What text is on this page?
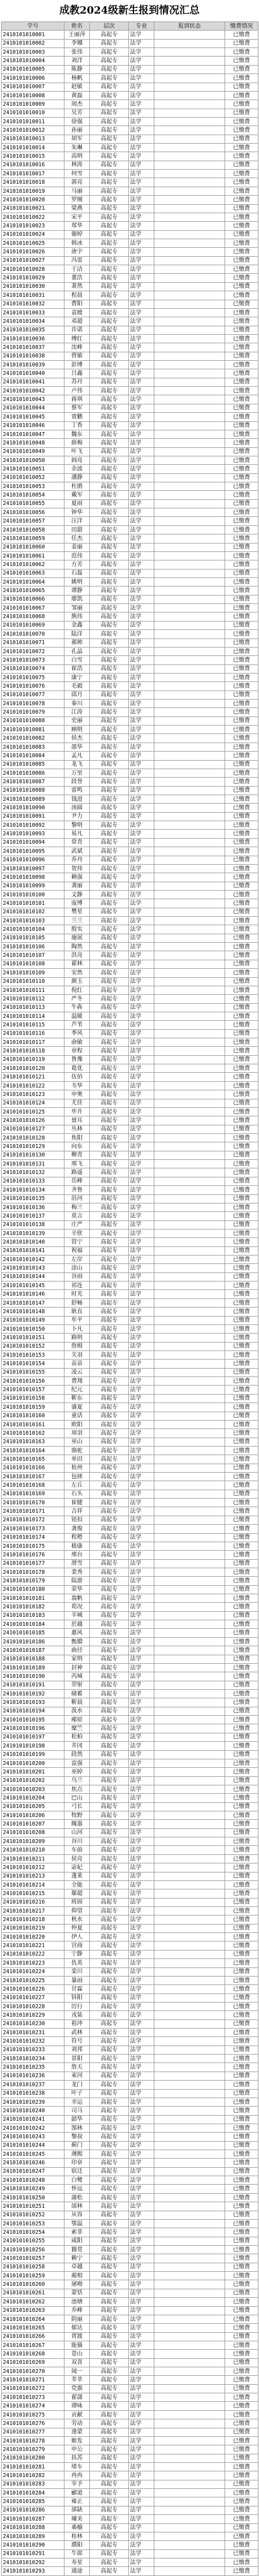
成教2024级新生报到情况汇总
学号	姓名	层次	专业	报到状态	缴费情况
2410101010001	王丽萍	高起专	法学		已缴费
2410101010002	李娜	高起专	法学		已缴费
2410101010003	张伟	高起专	法学		已缴费
2410101010004	刘洋	高起专	法学		已缴费
2410101010005	陈静	高起专	法学		已缴费
2410101010006	杨帆	高起专	法学		已缴费
2410101010007	赵敏	高起专	法学		已缴费
2410101010008	黄磊	高起专	法学		已缴费
2410101010009	周杰	高起专	法学		已缴费
2410101010010	吴芳	高起专	法学		已缴费
2410101010011	徐强	高起专	法学		已缴费
2410101010012	孙丽	高起专	法学		已缴费
2410101010013	胡军	高起专	法学		已缴费
2410101010014	朱琳	高起专	法学		已缴费
2410101010015	高明	高起专	法学		已缴费
2410101010016	林涛	高起专	法学		已缴费
2410101010017	何雪	高起专	法学		已缴费
2410101010018	郭亮	高起专	法学		已缴费
2410101010019	马丽	高起专	法学		已缴费
2410101010020	罗刚	高起专	法学		已缴费
2410101010021	梁燕	高起专	法学		已缴费
2410101010022	宋平	高起专	法学		已缴费
2410101010023	郑华	高起专	法学		已缴费
2410101010024	谢婷	高起专	法学		已缴费
2410101010025	韩冰	高起专	法学		已缴费
2410101010026	唐宇	高起专	法学		已缴费
2410101010027	冯雷	高起专	法学		已缴费
2410101010028	于洁	高起专	法学		已缴费
2410101010029	董浩	高起专	法学		已缴费
2410101010030	萧然	高起专	法学		已缴费
2410101010031	程晨	高起专	法学		已缴费
2410101010032	曹阳	高起专	法学		已缴费
2410101010033	袁媛	高起专	法学		已缴费
2410101010034	邓超	高起专	法学		已缴费
2410101010035	许诺	高起专	法学		已缴费
2410101010036	傅红	高起专	法学		已缴费
2410101010037	沈峰	高起专	法学		已缴费
2410101010038	曾敏	高起专	法学		已缴费
2410101010039	彭博	高起专	法学		已缴费
2410101010040	吕鑫	高起专	法学		已缴费
2410101010041	苏丹	高起专	法学		已缴费
2410101010042	卢伟	高起专	法学		已缴费
2410101010043	蒋琪	高起专	法学		已缴费
2410101010044	蔡军	高起专	法学		已缴费
2410101010045	贾鹏	高起专	法学		已缴费
2410101010046	丁香	高起专	法学		已缴费
2410101010047	魏东	高起专	法学		已缴费
2410101010048	薛梅	高起专	法学		已缴费
2410101010049	叶飞	高起专	法学		已缴费
2410101010050	阎亮	高起专	法学		已缴费
2410101010051	余波	高起专	法学		已缴费
2410101010052	潘静	高起专	法学		已缴费
2410101010053	杜鹃	高起专	法学		已缴费
2410101010054	戴军	高起专	法学		已缴费
2410101010055	夏雨	高起专	法学		已缴费
2410101010056	钟华	高起专	法学		已缴费
2410101010057	汪洋	高起专	法学		已缴费
2410101010058	田甜	高起专	法学		已缴费
2410101010059	任杰	高起专	法学		已缴费
2410101010060	姜丽	高起专	法学		已缴费
2410101010061	范伟	高起专	法学		已缴费
2410101010062	方芳	高起专	法学		已缴费
2410101010063	石磊	高起专	法学		已缴费
2410101010064	姚明	高起专	法学		已缴费
2410101010065	谭静	高起专	法学		已缴费
2410101010066	廖凯	高起专	法学		已缴费
2410101010067	邹丽	高起专	法学		已缴费
2410101010068	熊伟	高起专	法学		已缴费
2410101010069	金鑫	高起专	法学		已缴费
2410101010070	陆洋	高起专	法学		已缴费
2410101010071	郝帅	高起专	法学		已缴费
2410101010072	孔晶	高起专	法学		已缴费
2410101010073	白雪	高起专	法学		已缴费
2410101010074	崔浩	高起专	法学		已缴费
2410101010075	康宁	高起专	法学		已缴费
2410101010076	毛毅	高起专	法学		已缴费
2410101010077	邱月	高起专	法学		已缴费
2410101010078	秦川	高起专	法学		已缴费
2410101010079	江涛	高起专	法学		已缴费
2410101010080	史丽	高起专	法学		已缴费
2410101010081	顾明	高起专	法学		已缴费
2410101010082	侯杰	高起专	法学		已缴费
2410101010083	邵华	高起专	法学		已缴费
2410101010084	孟凡	高起专	法学		已缴费
2410101010085	龙飞	高起专	法学		已缴费
2410101010086	万里	高起专	法学		已缴费
2410101010087	段誉	高起专	法学		已缴费
2410101010088	雷鸣	高起专	法学		已缴费
2410101010089	钱进	高起专	法学		已缴费
2410101010090	汤圆	高起专	法学		已缴费
2410101010091	尹力	高起专	法学		已缴费
2410101010092	黎明	高起专	法学		已缴费
2410101010093	易凡	高起专	法学		已缴费
2410101010094	常青	高起专	法学		已缴费
2410101010095	武斌	高起专	法学		已缴费
2410101010096	乔丹	高起专	法学		已缴费
2410101010097	贺伟	高起专	法学		已缴费
2410101010098	赖强	高起专	法学		已缴费
2410101010099	龚丽	高起专	法学		已缴费
2410101010100	文静	高起专	法学		已缴费
2410101010101	庞博	高起专	法学		已缴费
2410101010102	樊星	高起专	法学		已缴费
2410101010103	兰兰	高起专	法学		已缴费
2410101010104	殷实	高起专	法学		已缴费
2410101010105	施展	高起专	法学		已缴费
2410101010106	陶然	高起专	法学		已缴费
2410101010107	洪亮	高起专	法学		已缴费
2410101010108	翟林	高起专	法学		已缴费
2410101010109	安然	高起专	法学		已缴费
2410101010110	颜玉	高起专	法学		已缴费
2410101010111	倪红	高起专	法学		已缴费
2410101010112	严冬	高起专	法学		已缴费
2410101010113	牛犇	高起专	法学		已缴费
2410101010114	温暖	高起专	法学		已缴费
2410101010115	芦苇	高起专	法学		已缴费
2410101010116	季风	高起专	法学		已缴费
2410101010117	俞敏	高起专	法学		已缴费
2410101010118	章程	高起专	法学		已缴费
2410101010119	鲁豫	高起专	法学		已缴费
2410101010120	葛优	高起专	法学		已缴费
2410101010121	伍佰	高起专	法学		已缴费
2410101010122	韦华	高起专	法学		已缴费
2410101010123	申奥	高起专	法学		已缴费
2410101010124	尤佳	高起专	法学		已缴费
2410101010125	毕升	高起专	法学		已缴费
2410101010126	聂耳	高起专	法学		已缴费
2410101010127	丛林	高起专	法学		已缴费
2410101010128	焦阳	高起专	法学		已缴费
2410101010129	向东	高起专	法学		已缴费
2410101010130	柳青	高起专	法学		已缴费
2410101010131	邢飞	高起专	法学		已缴费
2410101010132	路遥	高起专	法学		已缴费
2410101010133	岳峰	高起专	法学		已缴费
2410101010134	齐鲁	高起专	法学		已缴费
2410101010135	沿河	高起专	法学		已缴费
2410101010136	梅兰	高起专	法学		已缴费
2410101010137	莫言	高起专	法学		已缴费
2410101010138	庄严	高起专	法学		已缴费
2410101010139	辛欣	高起专	法学		已缴费
2410101010140	管宁	高起专	法学		已缴费
2410101010141	祝福	高起专	法学		已缴费
2410101010142	左岸	高起专	法学		已缴费
2410101010143	涂山	高起专	法学		已缴费
2410101010144	谷雨	高起专	法学		已缴费
2410101010145	祁连	高起专	法学		已缴费
2410101010146	时光	高起专	法学		已缴费
2410101010147	舒畅	高起专	法学		已缴费
2410101010148	耿直	高起专	法学		已缴费
2410101010149	牟平	高起专	法学		已缴费
2410101010150	卜凡	高起专	法学		已缴费
2410101010151	路明	高起专	法学		已缴费
2410101010152	詹姆	高起专	法学		已缴费
2410101010153	关羽	高起专	法学		已缴费
2410101010154	苗苗	高起专	法学		已缴费
2410101010155	凌云	高起专	法学		已缴费
2410101010156	费翔	高起专	法学		已缴费
2410101010157	纪元	高起专	法学		已缴费
2410101010158	靳东	高起专	法学		已缴费
2410101010159	盛夏	高起专	法学		已缴费
2410101010160	童话	高起专	法学		已缴费
2410101010161	欧阳	高起专	法学		已缴费
2410101010162	项羽	高起专	法学		已缴费
2410101010163	巫山	高起专	法学		已缴费
2410101010164	骆驼	高起专	法学		已缴费
2410101010165	单田	高起专	法学		已缴费
2410101010166	杭州	高起专	法学		已缴费
2410101010167	包拯	高起专	法学		已缴费
2410101010168	左丘	高起专	法学		已缴费
2410101010169	石头	高起专	法学		已缴费
2410101010170	崔健	高起专	法学		已缴费
2410101010171	吉祥	高起专	法学		已缴费
2410101010172	钮扣	高起专	法学		已缴费
2410101010173	龚俊	高起专	法学		已缴费
2410101010174	程橙	高起专	法学		已缴费
2410101010175	嵇康	高起专	法学		已缴费
2410101010176	邢台	高起专	法学		已缴费
2410101010177	滑雪	高起专	法学		已缴费
2410101010178	裴秀	高起专	法学		已缴费
2410101010179	陆游	高起专	法学		已缴费
2410101010180	荣华	高起专	法学		已缴费
2410101010181	翁帆	高起专	法学		已缴费
2410101010182	荀况	高起专	法学		已缴费
2410101010183	羊城	高起专	法学		已缴费
2410101010184	於越	高起专	法学		已缴费
2410101010185	惠风	高起专	法学		已缴费
2410101010186	甄嬛	高起专	法学		已缴费
2410101010187	曲径	高起专	法学		已缴费
2410101010188	家明	高起专	法学		已缴费
2410101010189	封神	高起专	法学		已缴费
2410101010190	芮城	高起专	法学		已缴费
2410101010191	羿射	高起专	法学		已缴费
2410101010192	储蓄	高起专	法学		已缴费
2410101010193	靳晨	高起专	法学		已缴费
2410101010194	汲水	高起专	法学		已缴费
2410101010195	邴原	高起专	法学		已缴费
2410101010196	糜竺	高起专	法学		已缴费
2410101010197	松柏	高起专	法学		已缴费
2410101010198	井冈	高起专	法学		已缴费
2410101010199	段然	高起专	法学		已缴费
2410101010200	富强	高起专	法学		已缴费
2410101010201	巫婷	高起专	法学		已缴费
2410101010202	乌兰	高起专	法学		已缴费
2410101010203	焦点	高起专	法学		已缴费
2410101010204	巴山	高起专	法学		已缴费
2410101010205	弓长	高起专	法学		已缴费
2410101010206	牧野	高起专	法学		已缴费
2410101010207	隗嚣	高起专	法学		已缴费
2410101010208	山河	高起专	法学		已缴费
2410101010209	谷川	高起专	法学		已缴费
2410101010210	车前	高起专	法学		已缴费
2410101010211	侯亮	高起专	法学		已缴费
2410101010212	宓妃	高起专	法学		已缴费
2410101010213	蓬莱	高起专	法学		已缴费
2410101010214	全能	高起专	法学		已缴费
2410101010215	郗超	高起专	法学		已缴费
2410101010216	班固	高起专	法学		已缴费
2410101010217	仰望	高起专	法学		已缴费
2410101010218	秋水	高起专	法学		已缴费
2410101010219	仲夏	高起专	法学		已缴费
2410101010220	伊人	高起专	法学		已缴费
2410101010221	宫商	高起专	法学		已缴费
2410101010222	宁静	高起专	法学		已缴费
2410101010223	仇英	高起专	法学		已缴费
2410101010224	栾川	高起专	法学		已缴费
2410101010225	暴雨	高起专	法学		已缴费
2410101010226	甘霖	高起专	法学		已缴费
2410101010227	钭阳	高起专	法学		已缴费
2410101010228	厉行	高起专	法学		已缴费
2410101010229	戎装	高起专	法学		已缴费
2410101010230	祖冲	高起专	法学		已缴费
2410101010231	武林	高起专	法学		已缴费
2410101010232	符号	高起专	法学		已缴费
2410101010233	刘邦	高起专	法学		已缴费
2410101010234	景阳	高起专	法学		已缴费
2410101010235	詹天	高起专	法学		已缴费
2410101010236	束河	高起专	法学		已缴费
2410101010237	龙门	高起专	法学		已缴费
2410101010238	叶子	高起专	法学		已缴费
2410101010239	幸运	高起专	法学		已缴费
2410101010240	司马	高起专	法学		已缴费
2410101010241	韶华	高起专	法学		已缴费
2410101010242	郜林	高起专	法学		已缴费
2410101010243	黎叔	高起专	法学		已缴费
2410101010244	蓟门	高起专	法学		已缴费
2410101010245	薄熙	高起专	法学		已缴费
2410101010246	印章	高起专	法学		已缴费
2410101010247	宿迁	高起专	法学		已缴费
2410101010248	白鹭	高起专	法学		已缴费
2410101010249	怀远	高起专	法学		已缴费
2410101010250	蒲松	高起专	法学		已缴费
2410101010251	邰林	高起专	法学		已缴费
2410101010252	从容	高起专	法学		已缴费
2410101010253	鄂温	高起专	法学		已缴费
2410101010254	索菲	高起专	法学		已缴费
2410101010255	咸阳	高起专	法学		已缴费
2410101010256	籍贯	高起专	法学		已缴费
2410101010257	赖宁	高起专	法学		已缴费
2410101010258	卓越	高起专	法学		已缴费
2410101010259	蔺相	高起专	法学		已缴费
2410101010260	屠呦	高起专	法学		已缴费
2410101010261	蒙恬	高起专	法学		已缴费
2410101010262	池塘	高起专	法学		已缴费
2410101010263	乔峰	高起专	法学		已缴费
2410101010264	阴丽	高起专	法学		已缴费
2410101010265	郁达	高起专	法学		已缴费
2410101010266	胥渡	高起专	法学		已缴费
2410101010267	能猫	高起专	法学		已缴费
2410101010268	苍山	高起专	法学		已缴费
2410101010269	双喜	高起专	法学		已缴费
2410101010270	闻一	高起专	法学		已缴费
2410101010271	莘莘	高起专	法学		已缴费
2410101010272	党旗	高起专	法学		已缴费
2410101010273	翟潇	高起专	法学		已缴费
2410101010274	谭咏	高起专	法学		已缴费
2410101010275	贡献	高起专	法学		已缴费
2410101010276	劳动	高起专	法学		已缴费
2410101010277	逄蒙	高起专	法学		已缴费
2410101010278	姬发	高起专	法学		已缴费
2410101010279	申公	高起专	法学		已缴费
2410101010280	扶苏	高起专	法学		已缴费
2410101010281	堵车	高起专	法学		已缴费
2410101010282	冉冉	高起专	法学		已缴费
2410101010283	宰予	高起专	法学		已缴费
2410101010284	郦道	高起专	法学		已缴费
2410101010285	雍正	高起专	法学		已缴费
2410101010286	郤缺	高起专	法学		已缴费
2410101010287	璩美	高起专	法学		已缴费
2410101010288	桑榆	高起专	法学		已缴费
2410101010289	桂林	高起专	法学		已缴费
2410101010290	濮阳	高起专	法学		已缴费
2410101010291	牛郎	高起专	法学		已缴费
2410101010292	寿星	高起专	法学		已缴费
2410101010293	通途	高起专	法学		已缴费
